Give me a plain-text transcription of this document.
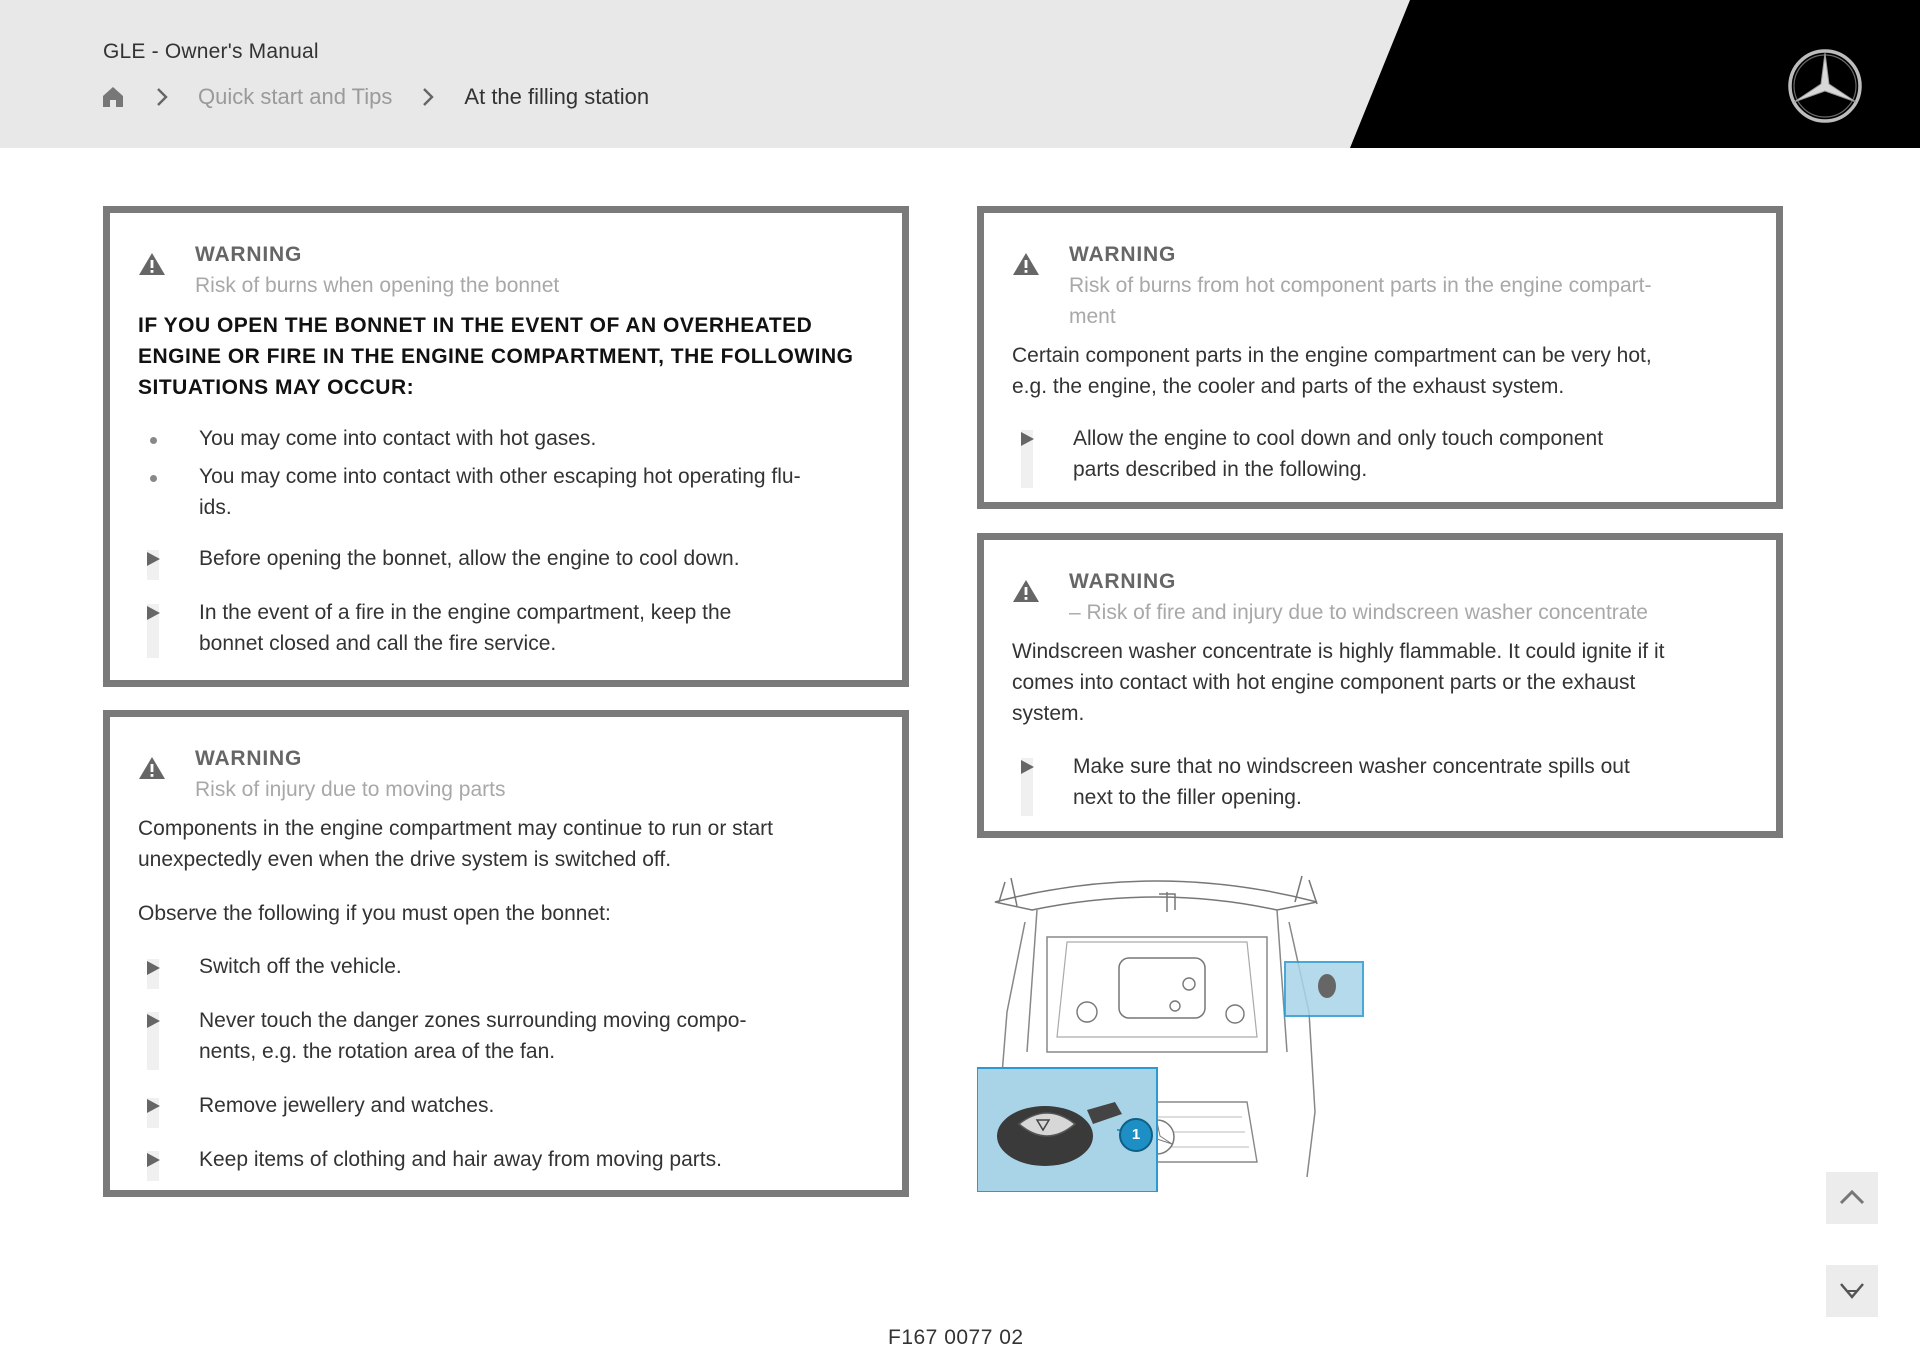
GLE - Owner's Manual
Quick start and Tips	At the filling station
WARNING
Risk of burns when opening the bonnet
IF YOU OPEN THE BONNET IN THE EVENT OF AN OVERHEATED
ENGINE OR FIRE IN THE ENGINE COMPARTMENT, THE FOLLOWING
SITUATIONS MAY OCCUR:
You may come into contact with hot gases.
You may come into contact with other escaping hot operating flu-
ids.
Before opening the bonnet, allow the engine to cool down.
In the event of a fire in the engine compartment, keep the
bonnet closed and call the fire service.
WARNING
Risk of injury due to moving parts
Components in the engine compartment may continue to run or start
unexpectedly even when the drive system is switched off.
Observe the following if you must open the bonnet:
Switch off the vehicle.
Never touch the danger zones surrounding moving compo-
nents, e.g. the rotation area of the fan.
Remove jewellery and watches.
Keep items of clothing and hair away from moving parts.
WARNING
Risk of burns from hot component parts in the engine compart-
ment
Certain component parts in the engine compartment can be very hot,
e.g. the engine, the cooler and parts of the exhaust system.
Allow the engine to cool down and only touch component
parts described in the following.
WARNING
– Risk of fire and injury due to windscreen washer concentrate
Windscreen washer concentrate is highly flammable. It could ignite if it
comes into contact with hot engine component parts or the exhaust
system.
Make sure that no windscreen washer concentrate spills out
next to the filler opening.
1
F167 0077 02
